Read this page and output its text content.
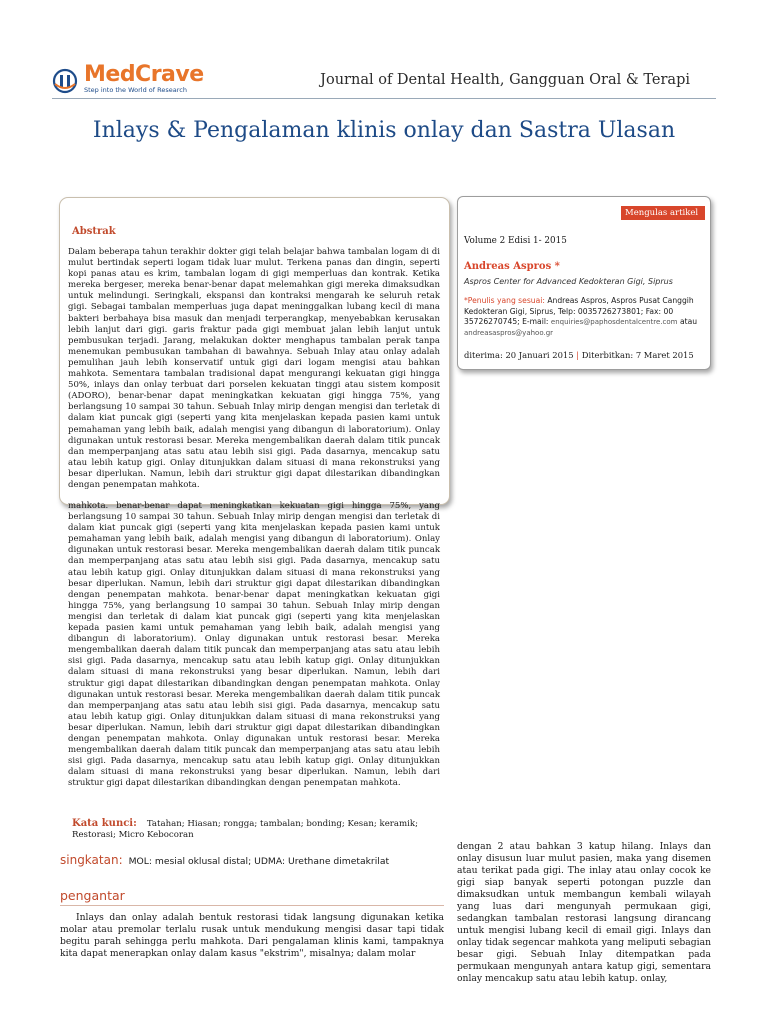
MedCrave
Step into the World of Research
Journal of Dental Health, Gangguan Oral & Terapi
Inlays & Pengalaman klinis onlay dan Sastra Ulasan
Abstrak
Dalam beberapa tahun terakhir dokter gigi telah belajar bahwa tambalan logam di di mulut bertindak seperti logam tidak luar mulut. Terkena panas dan dingin, seperti kopi panas atau es krim, tambalan logam di gigi memperluas dan kontrak. Ketika mereka bergeser, mereka benar-benar dapat melemahkan gigi mereka dimaksudkan untuk melindungi. Seringkali, ekspansi dan kontraksi mengarah ke seluruh retak gigi. Sebagai tambalan memperluas juga dapat meninggalkan lubang kecil di mana bakteri berbahaya bisa masuk dan menjadi terperangkap, menyebabkan kerusakan lebih lanjut dari gigi. garis fraktur pada gigi membuat jalan lebih lanjut untuk pembusukan terjadi. Jarang, melakukan dokter menghapus tambalan perak tanpa menemukan pembusukan tambahan di bawahnya. Sebuah Inlay atau onlay adalah pemulihan jauh lebih konservatif untuk gigi dari logam mengisi atau bahkan mahkota. Sementara tambalan tradisional dapat mengurangi kekuatan gigi hingga 50%, inlays dan onlay terbuat dari porselen kekuatan tinggi atau sistem komposit (ADORO), benar-benar dapat meningkatkan kekuatan gigi hingga 75%, yang berlangsung 10 sampai 30 tahun. Sebuah Inlay mirip dengan mengisi dan terletak di dalam kiat puncak gigi (seperti yang kita menjelaskan kepada pasien kami untuk pemahaman yang lebih baik, adalah mengisi yang dibangun di laboratorium). Onlay digunakan untuk restorasi besar. Mereka mengembalikan daerah dalam titik puncak dan memperpanjang atas satu atau lebih sisi gigi. Pada dasarnya, mencakup satu atau lebih katup gigi. Onlay ditunjukkan dalam situasi di mana rekonstruksi yang besar diperlukan. Namun, lebih dari struktur gigi dapat dilestarikan dibandingkan dengan penempatan mahkota.
mahkota. benar-benar dapat meningkatkan kekuatan gigi hingga 75%, yang berlangsung 10 sampai 30 tahun. Sebuah Inlay mirip dengan mengisi dan terletak di dalam kiat puncak gigi (seperti yang kita menjelaskan kepada pasien kami untuk pemahaman yang lebih baik, adalah mengisi yang dibangun di laboratorium). Onlay digunakan untuk restorasi besar. Mereka mengembalikan daerah dalam titik puncak dan memperpanjang atas satu atau lebih sisi gigi. Pada dasarnya, mencakup satu atau lebih katup gigi. Onlay ditunjukkan dalam situasi di mana rekonstruksi yang besar diperlukan. Namun, lebih dari struktur gigi dapat dilestarikan dibandingkan dengan penempatan mahkota. benar-benar dapat meningkatkan kekuatan gigi hingga 75%, yang berlangsung 10 sampai 30 tahun. Sebuah Inlay mirip dengan mengisi dan terletak di dalam kiat puncak gigi (seperti yang kita menjelaskan kepada pasien kami untuk pemahaman yang lebih baik, adalah mengisi yang dibangun di laboratorium). Onlay digunakan untuk restorasi besar. Mereka mengembalikan daerah dalam titik puncak dan memperpanjang atas satu atau lebih sisi gigi. Pada dasarnya, mencakup satu atau lebih katup gigi. Onlay ditunjukkan dalam situasi di mana rekonstruksi yang besar diperlukan. Namun, lebih dari struktur gigi dapat dilestarikan dibandingkan dengan penempatan mahkota. Onlay digunakan untuk restorasi besar. Mereka mengembalikan daerah dalam titik puncak dan memperpanjang atas satu atau lebih sisi gigi. Pada dasarnya, mencakup satu atau lebih katup gigi. Onlay ditunjukkan dalam situasi di mana rekonstruksi yang besar diperlukan. Namun, lebih dari struktur gigi dapat dilestarikan dibandingkan dengan penempatan mahkota. Onlay digunakan untuk restorasi besar. Mereka mengembalikan daerah dalam titik puncak dan memperpanjang atas satu atau lebih sisi gigi. Pada dasarnya, mencakup satu atau lebih katup gigi. Onlay ditunjukkan dalam situasi di mana rekonstruksi yang besar diperlukan. Namun, lebih dari struktur gigi dapat dilestarikan dibandingkan dengan penempatan mahkota.
Kata kunci: Tatahan; Hiasan; rongga; tambalan; bonding; Kesan; keramik; Restorasi; Micro Kebocoran
singkatan: MOL: mesial oklusal distal; UDMA: Urethane dimetakrilat
pengantar
Inlays dan onlay adalah bentuk restorasi tidak langsung digunakan ketika molar atau premolar terlalu rusak untuk mendukung mengisi dasar tapi tidak begitu parah sehingga perlu mahkota. Dari pengalaman klinis kami, tampaknya kita dapat menerapkan onlay dalam kasus "ekstrim", misalnya; dalam molar
Mengulas artikel
Volume 2 Edisi 1- 2015
Andreas Aspros *
Aspros Center for Advanced Kedokteran Gigi, Siprus
*Penulis yang sesuai: Andreas Aspros, Aspros Pusat Canggih Kedokteran Gigi, Siprus, Telp: 0035726273801; Fax: 00 35726270745; E-mail: enquiries@paphosdentalcentre.com atau andreasaspros@yahoo.gr
diterima: 20 Januari 2015 | Diterbitkan: 7 Maret 2015
dengan 2 atau bahkan 3 katup hilang. Inlays dan onlay disusun luar mulut pasien, maka yang disemen atau terikat pada gigi. The inlay atau onlay cocok ke gigi siap banyak seperti potongan puzzle dan dimaksudkan untuk membangun kembali wilayah yang luas dari mengunyah permukaan gigi, sedangkan tambalan restorasi langsung dirancang untuk mengisi lubang kecil di email gigi. Inlays dan onlay tidak segencar mahkota yang meliputi sebagian besar gigi. Sebuah Inlay ditempatkan pada permukaan mengunyah antara katup gigi, sementara onlay mencakup satu atau lebih katup. onlay,
